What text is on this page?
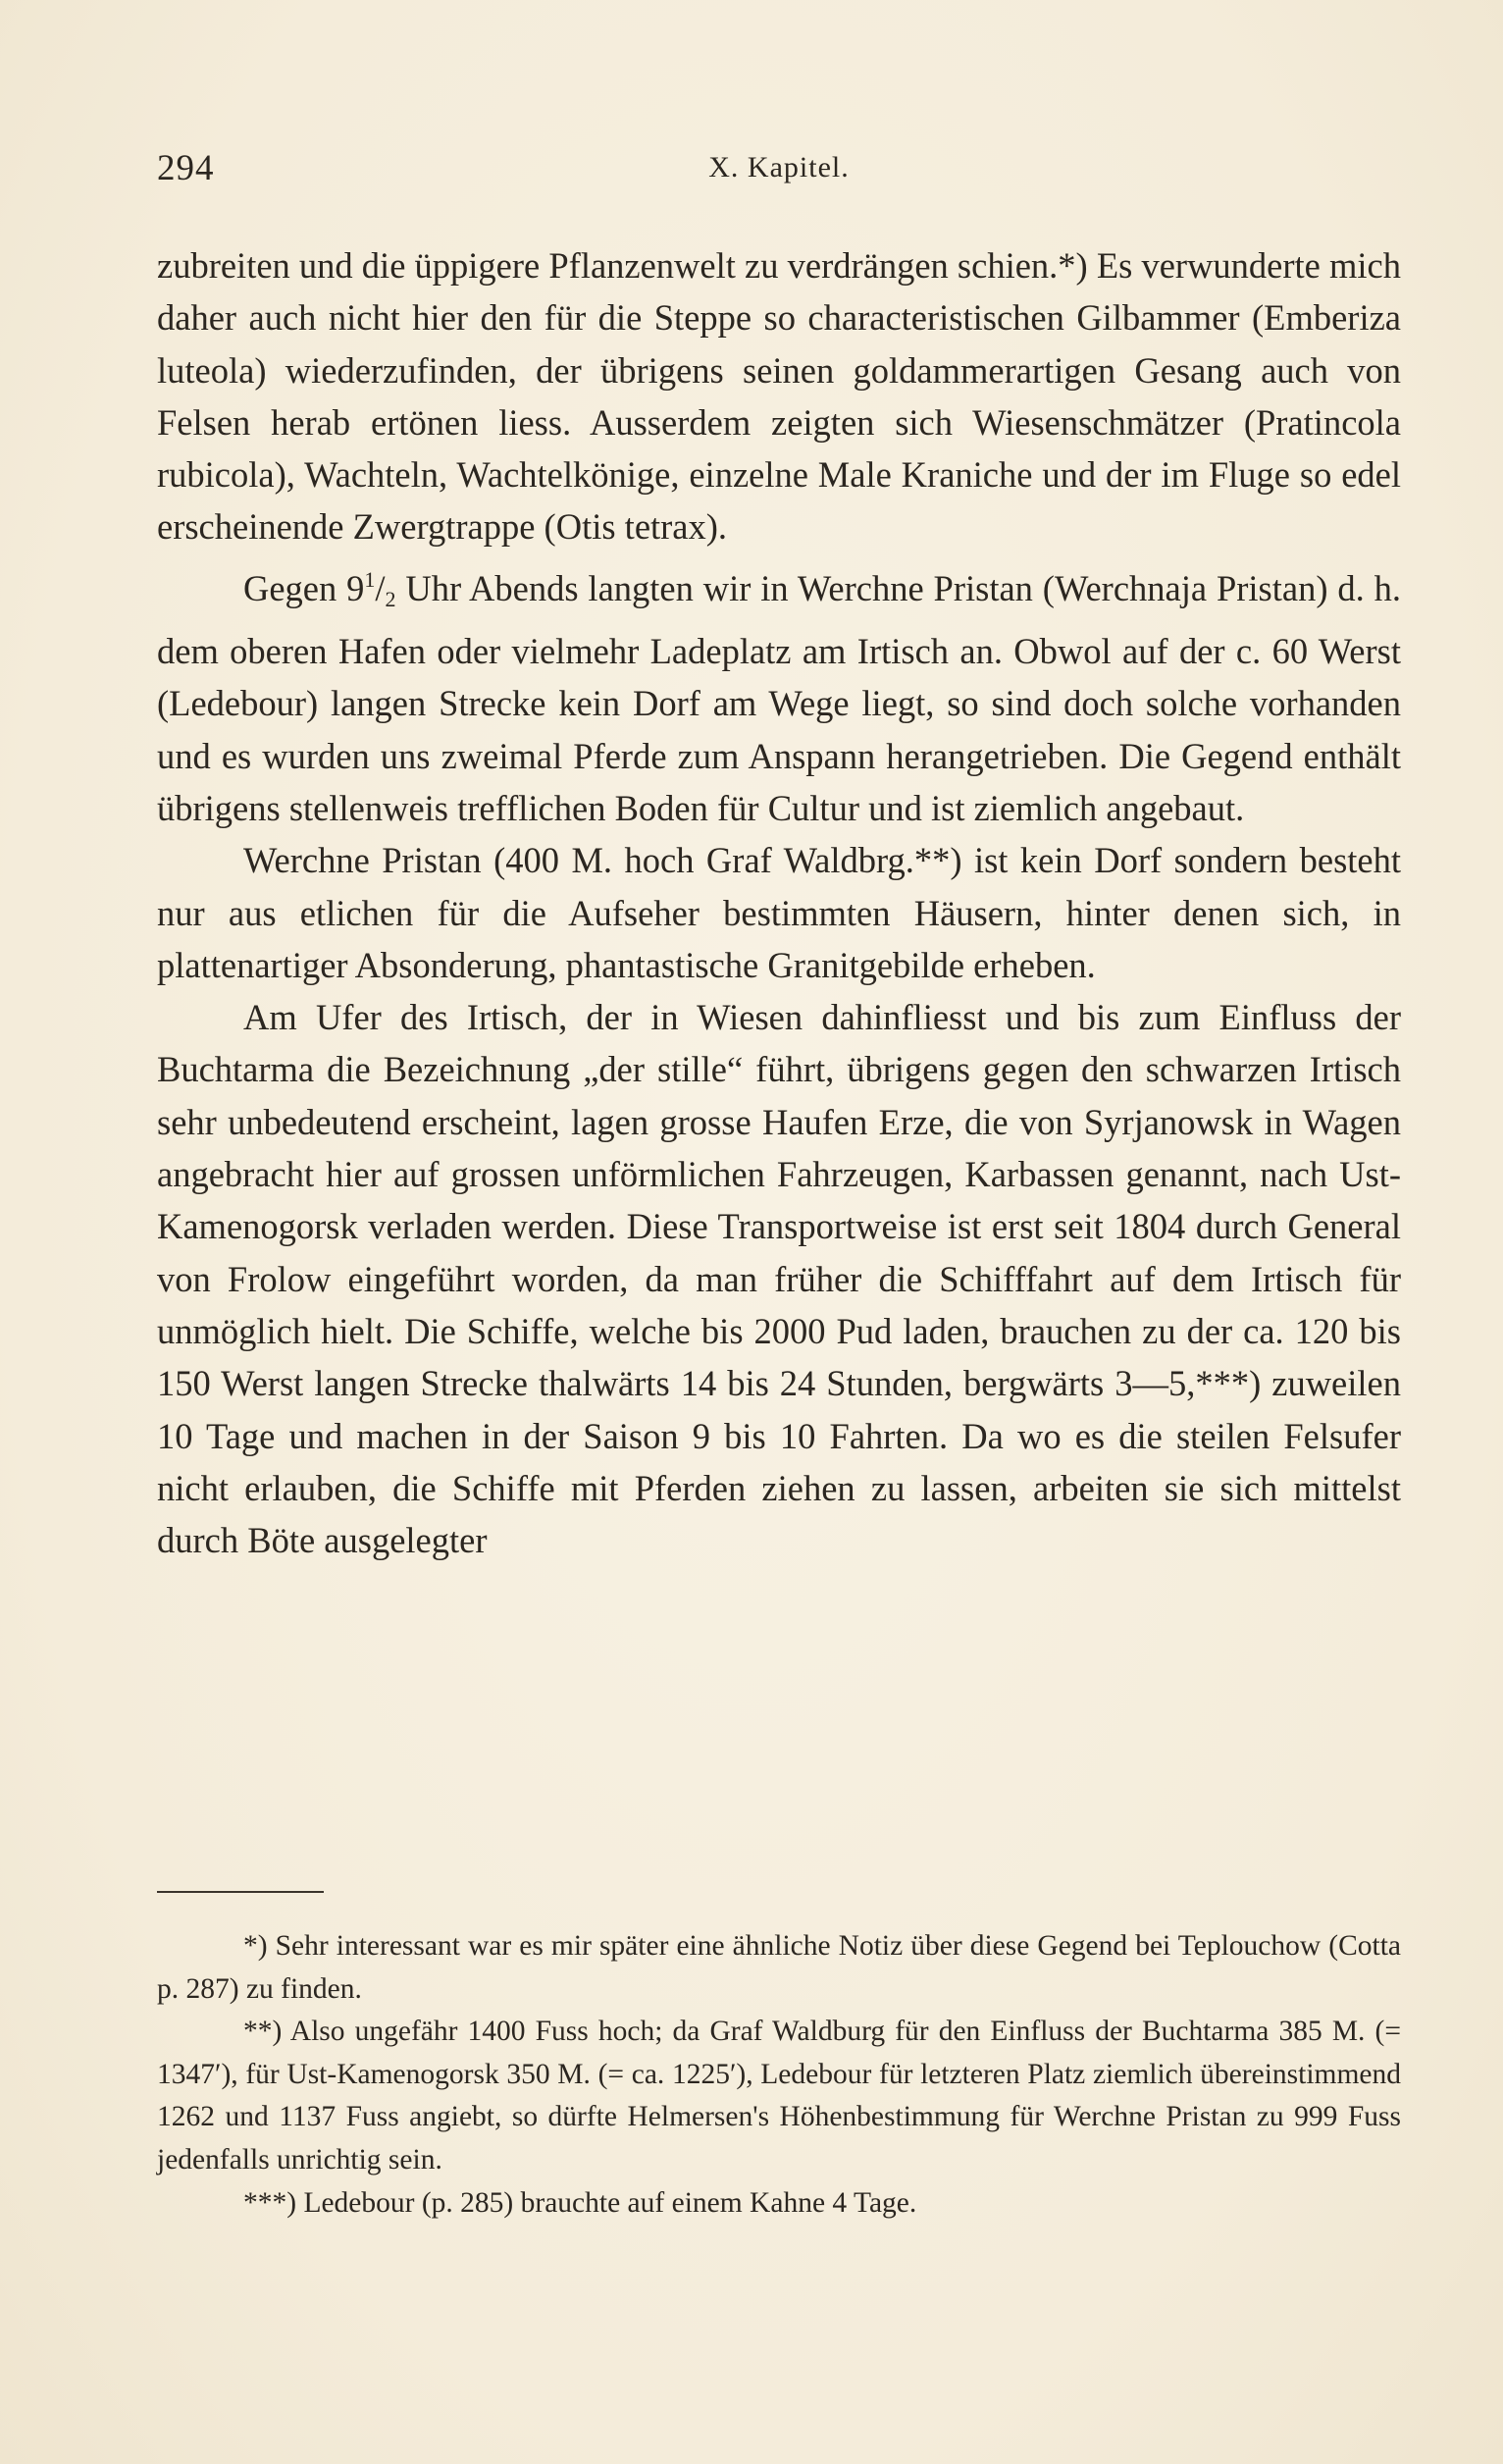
294	X. Kapitel.

zubreiten und die üppigere Pflanzenwelt zu verdrängen schien.*) Es verwunderte mich daher auch nicht hier den für die Steppe so characteristischen Gilbammer (Emberiza luteola) wiederzufinden, der übrigens seinen goldammerartigen Gesang auch von Felsen herab ertönen liess. Ausserdem zeigten sich Wiesenschmätzer (Pratincola rubicola), Wachteln, Wachtelkönige, einzelne Male Kraniche und der im Fluge so edel erscheinende Zwergtrappe (Otis tetrax).

Gegen $9^1/_2$ Uhr Abends langten wir in Werchne Pristan (Werchnaja Pristan) d. h. dem oberen Hafen oder vielmehr Ladeplatz am Irtisch an. Obwol auf der c. 60 Werst (Ledebour) langen Strecke kein Dorf am Wege liegt, so sind doch solche vorhanden und es wurden uns zweimal Pferde zum Anspann herangetrieben. Die Gegend enthält übrigens stellenweis trefflichen Boden für Cultur und ist ziemlich angebaut.

Werchne Pristan (400 M. hoch Graf Waldbrg.**) ist kein Dorf sondern besteht nur aus etlichen für die Aufseher bestimmten Häusern, hinter denen sich, in plattenartiger Absonderung, phantastische Granitgebilde erheben.

Am Ufer des Irtisch, der in Wiesen dahinfliesst und bis zum Einfluss der Buchtarma die Bezeichnung „der stille“ führt, übrigens gegen den schwarzen Irtisch sehr unbedeutend erscheint, lagen grosse Haufen Erze, die von Syrjanowsk in Wagen angebracht hier auf grossen unförmlichen Fahrzeugen, Karbassen genannt, nach Ust-Kamenogorsk verladen werden. Diese Transportweise ist erst seit 1804 durch General von Frolow eingeführt worden, da man früher die Schifffahrt auf dem Irtisch für unmöglich hielt. Die Schiffe, welche bis 2000 Pud laden, brauchen zu der ca. 120 bis 150 Werst langen Strecke thalwärts 14 bis 24 Stunden, bergwärts 3—5,***) zuweilen 10 Tage und machen in der Saison 9 bis 10 Fahrten. Da wo es die steilen Felsufer nicht erlauben, die Schiffe mit Pferden ziehen zu lassen, arbeiten sie sich mittelst durch Böte ausgelegter

*) Sehr interessant war es mir später eine ähnliche Notiz über diese Gegend bei Teplouchow (Cotta p. 287) zu finden.

**) Also ungefähr 1400 Fuss hoch; da Graf Waldburg für den Einfluss der Buchtarma 385 M. (= 1347′), für Ust-Kamenogorsk 350 M. (= ca. 1225′), Ledebour für letzteren Platz ziemlich übereinstimmend 1262 und 1137 Fuss angiebt, so dürfte Helmersen's Höhenbestimmung für Werchne Pristan zu 999 Fuss jedenfalls unrichtig sein.

***) Ledebour (p. 285) brauchte auf einem Kahne 4 Tage.
